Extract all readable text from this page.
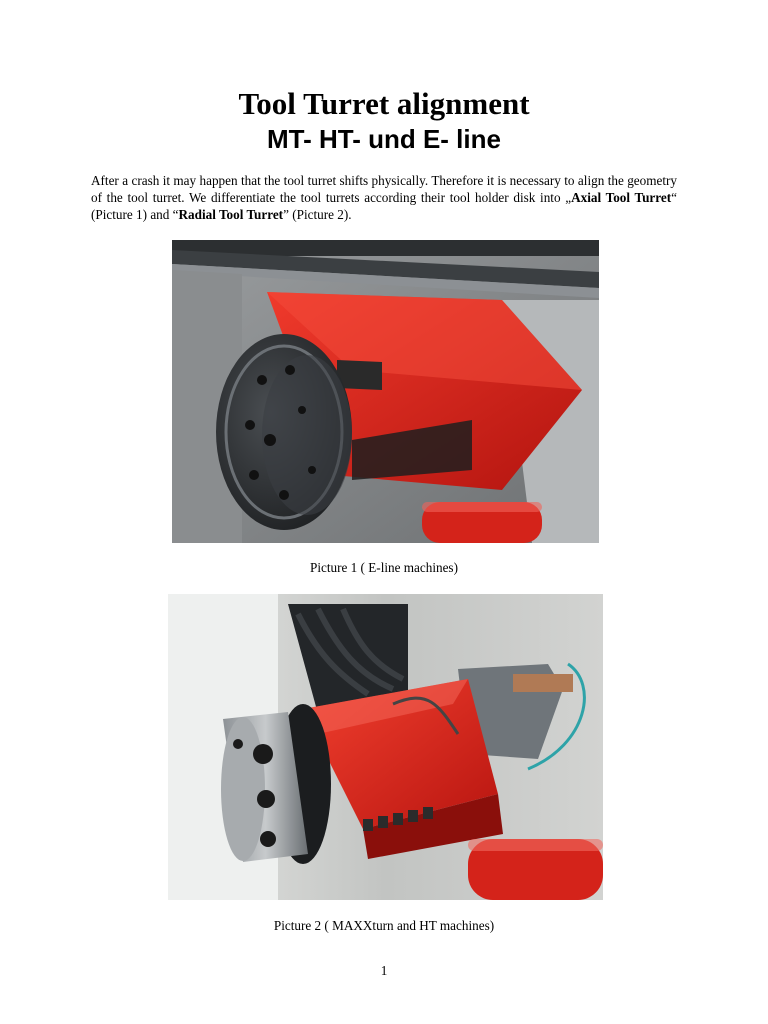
Tool Turret alignment
MT- HT- und E- line

After a crash it may happen that the tool turret shifts physically. Therefore it is necessary to align the geometry of the tool turret. We differentiate the tool turrets according their tool holder disk into „Axial Tool Turret“ (Picture 1) and “Radial Tool Turret” (Picture 2).

Picture 1 ( E-line machines)
Picture 2 ( MAXXturn and HT machines)
1
